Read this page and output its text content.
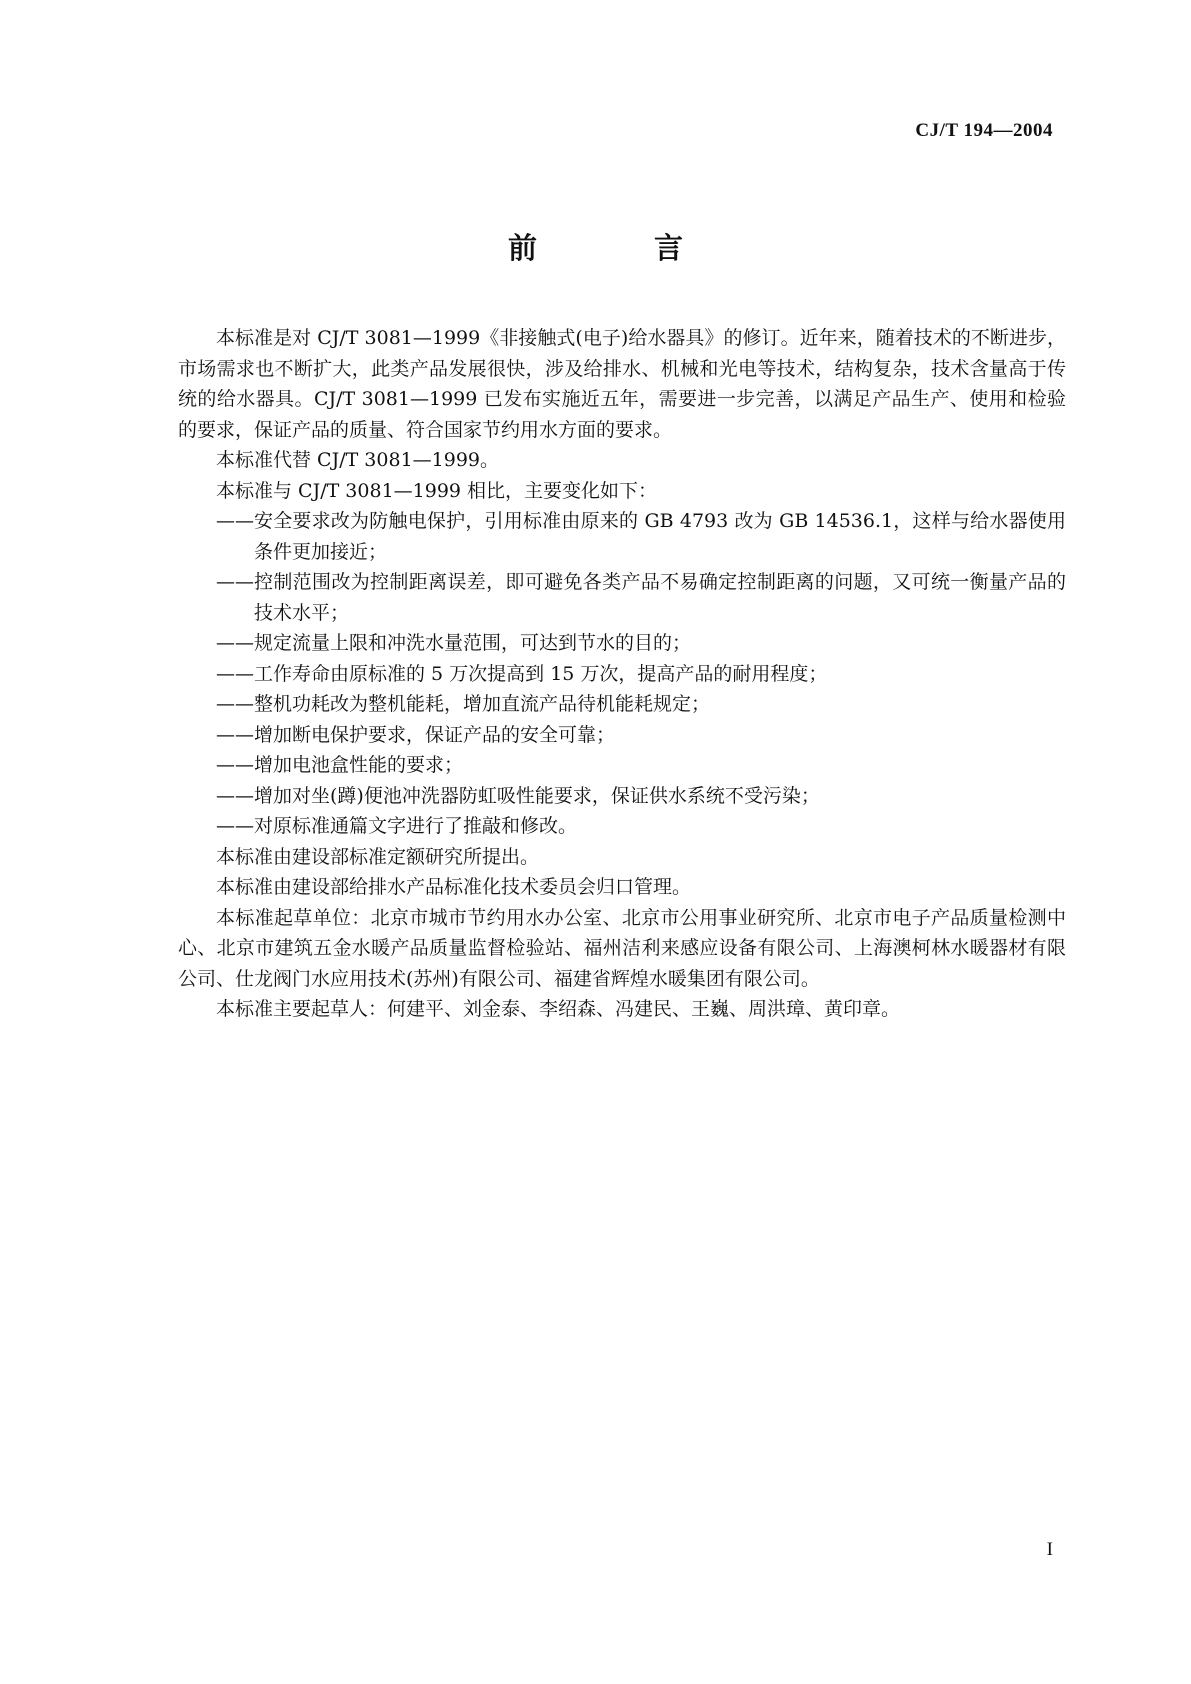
CJ/T 194—2004
前　言

本标准是对 CJ/T 3081—1999《非接触式(电子)给水器具》的修订。近年来，随着技术的不断进步，市场需求也不断扩大，此类产品发展很快，涉及给排水、机械和光电等技术，结构复杂，技术含量高于传统的给水器具。CJ/T 3081—1999 已发布实施近五年，需要进一步完善，以满足产品生产、使用和检验的要求，保证产品的质量、符合国家节约用水方面的要求。

本标准代替 CJ/T 3081—1999。

本标准与 CJ/T 3081—1999 相比，主要变化如下：

—— 安全要求改为防触电保护，引用标准由原来的 GB 4793 改为 GB 14536.1，这样与给水器使用条件更加接近；
—— 控制范围改为控制距离误差，即可避免各类产品不易确定控制距离的问题，又可统一衡量产品的技术水平；
—— 规定流量上限和冲洗水量范围，可达到节水的目的；
—— 工作寿命由原标准的 5 万次提高到 15 万次，提高产品的耐用程度；
—— 整机功耗改为整机能耗，增加直流产品待机能耗规定；
—— 增加断电保护要求，保证产品的安全可靠；
—— 增加电池盒性能的要求；
—— 增加对坐(蹲)便池冲洗器防虹吸性能要求，保证供水系统不受污染；
—— 对原标准通篇文字进行了推敲和修改。

本标准由建设部标准定额研究所提出。

本标准由建设部给排水产品标准化技术委员会归口管理。

本标准起草单位：北京市城市节约用水办公室、北京市公用事业研究所、北京市电子产品质量检测中心、北京市建筑五金水暖产品质量监督检验站、福州洁利来感应设备有限公司、上海澳柯林水暖器材有限公司、仕龙阀门水应用技术(苏州)有限公司、福建省辉煌水暖集团有限公司。

本标准主要起草人：何建平、刘金泰、李绍森、冯建民、王巍、周洪璋、黄印章。

I
